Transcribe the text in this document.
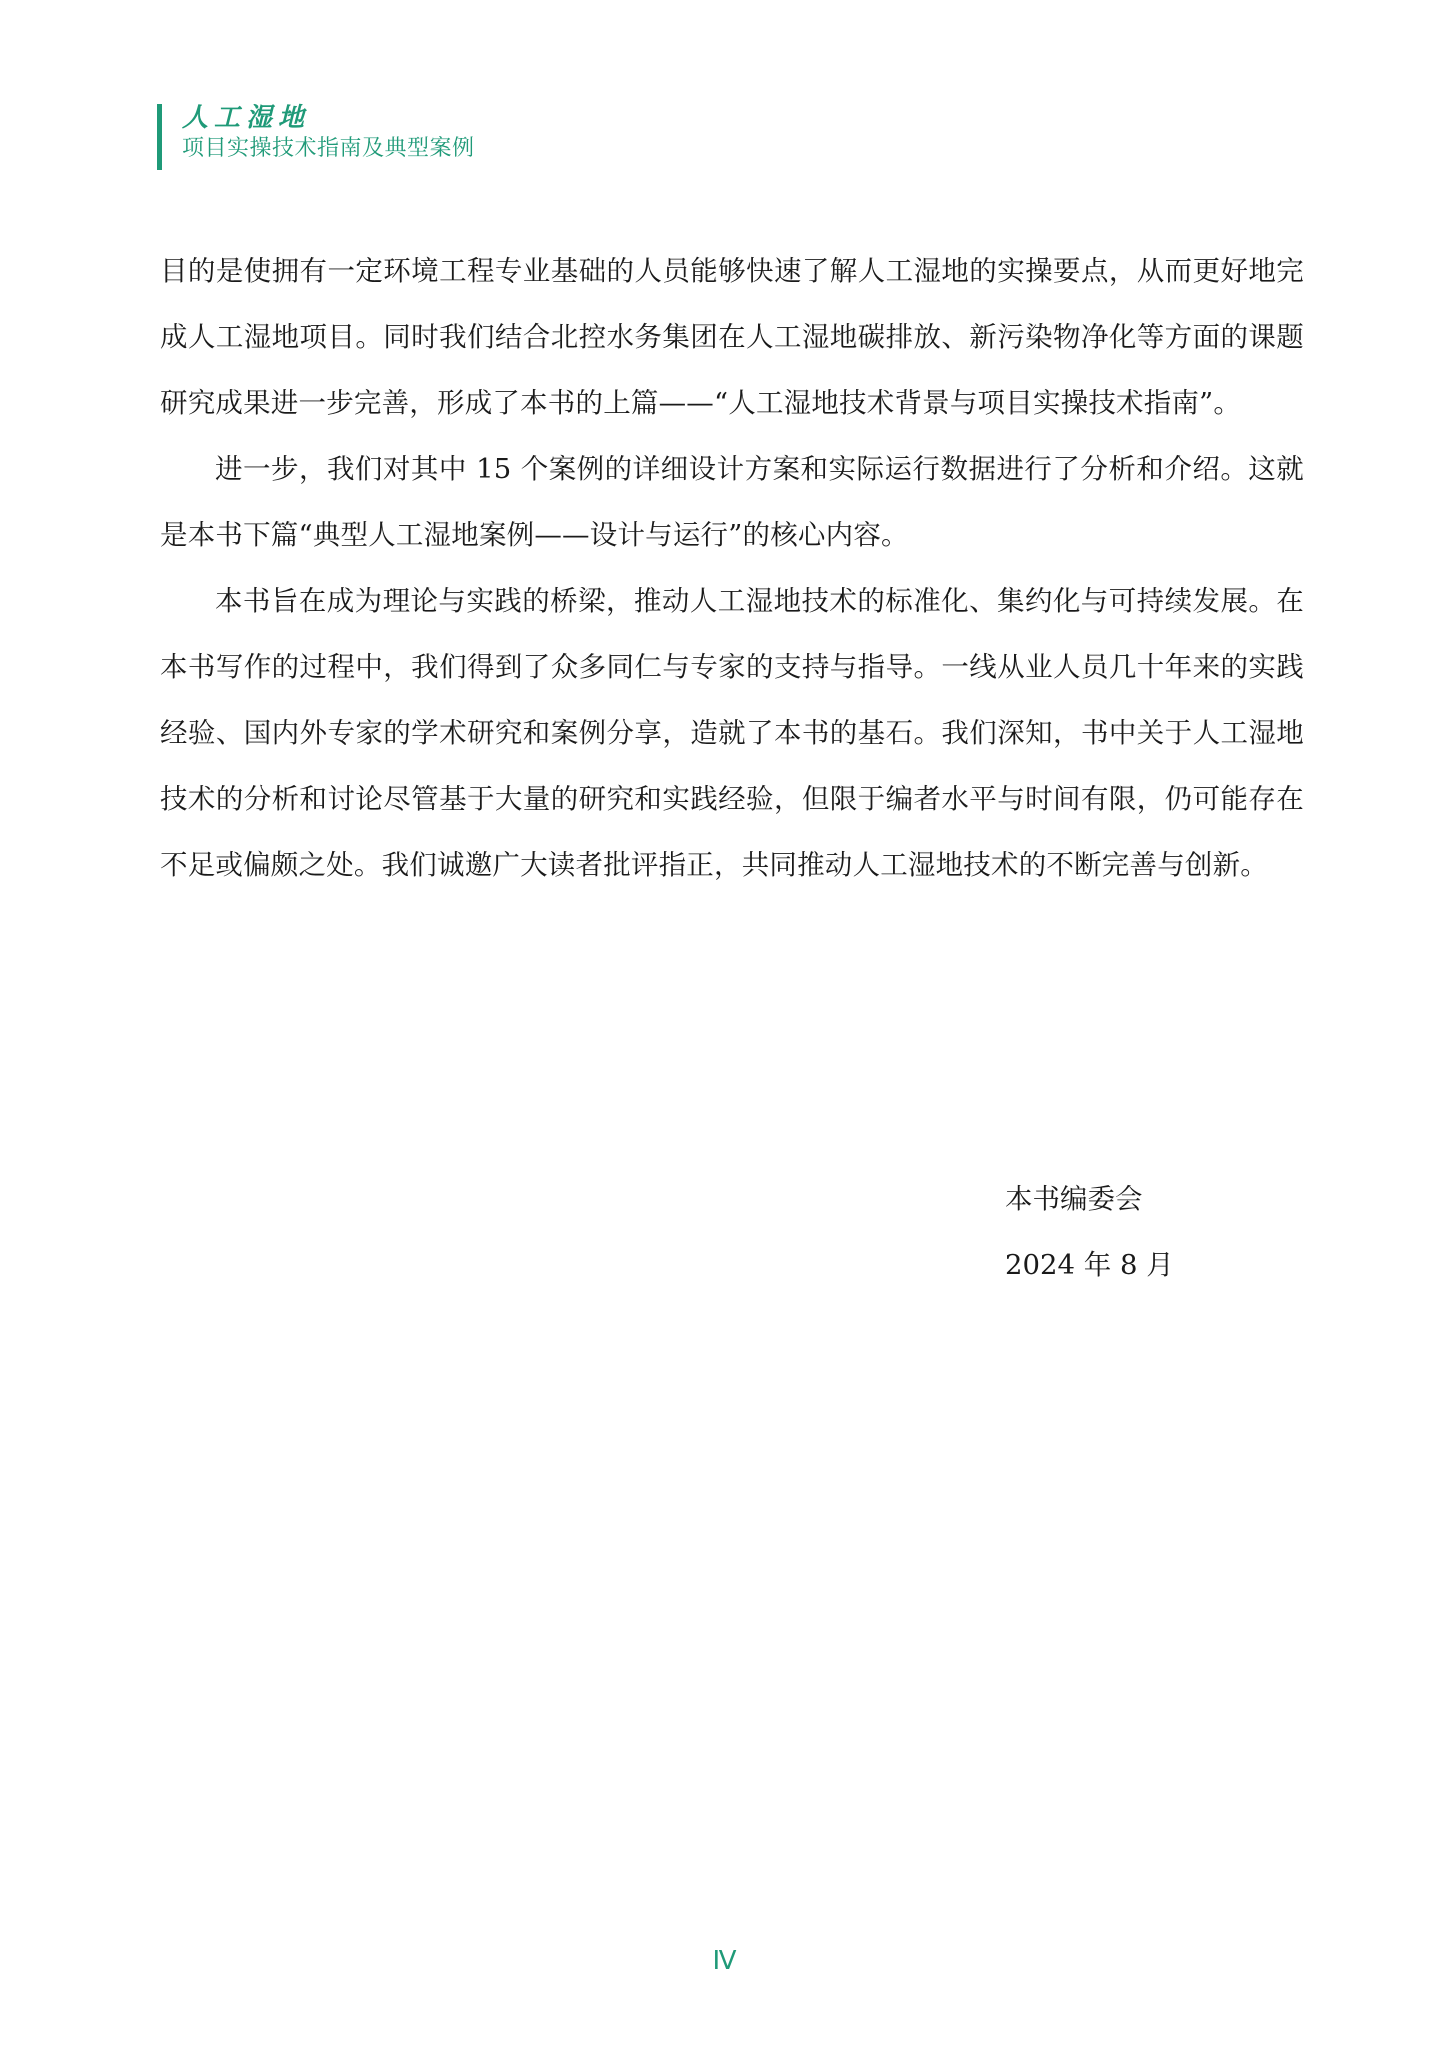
人工湿地
项目实操技术指南及典型案例

目的是使拥有一定环境工程专业基础的人员能够快速了解人工湿地的实操要点，从而更好地完成人工湿地项目。同时我们结合北控水务集团在人工湿地碳排放、新污染物净化等方面的课题研究成果进一步完善，形成了本书的上篇——“人工湿地技术背景与项目实操技术指南”。

进一步，我们对其中 15 个案例的详细设计方案和实际运行数据进行了分析和介绍。这就是本书下篇“典型人工湿地案例——设计与运行”的核心内容。

本书旨在成为理论与实践的桥梁，推动人工湿地技术的标准化、集约化与可持续发展。在本书写作的过程中，我们得到了众多同仁与专家的支持与指导。一线从业人员几十年来的实践经验、国内外专家的学术研究和案例分享，造就了本书的基石。我们深知，书中关于人工湿地技术的分析和讨论尽管基于大量的研究和实践经验，但限于编者水平与时间有限，仍可能存在不足或偏颇之处。我们诚邀广大读者批评指正，共同推动人工湿地技术的不断完善与创新。

本书编委会
2024 年 8 月
Ⅳ
